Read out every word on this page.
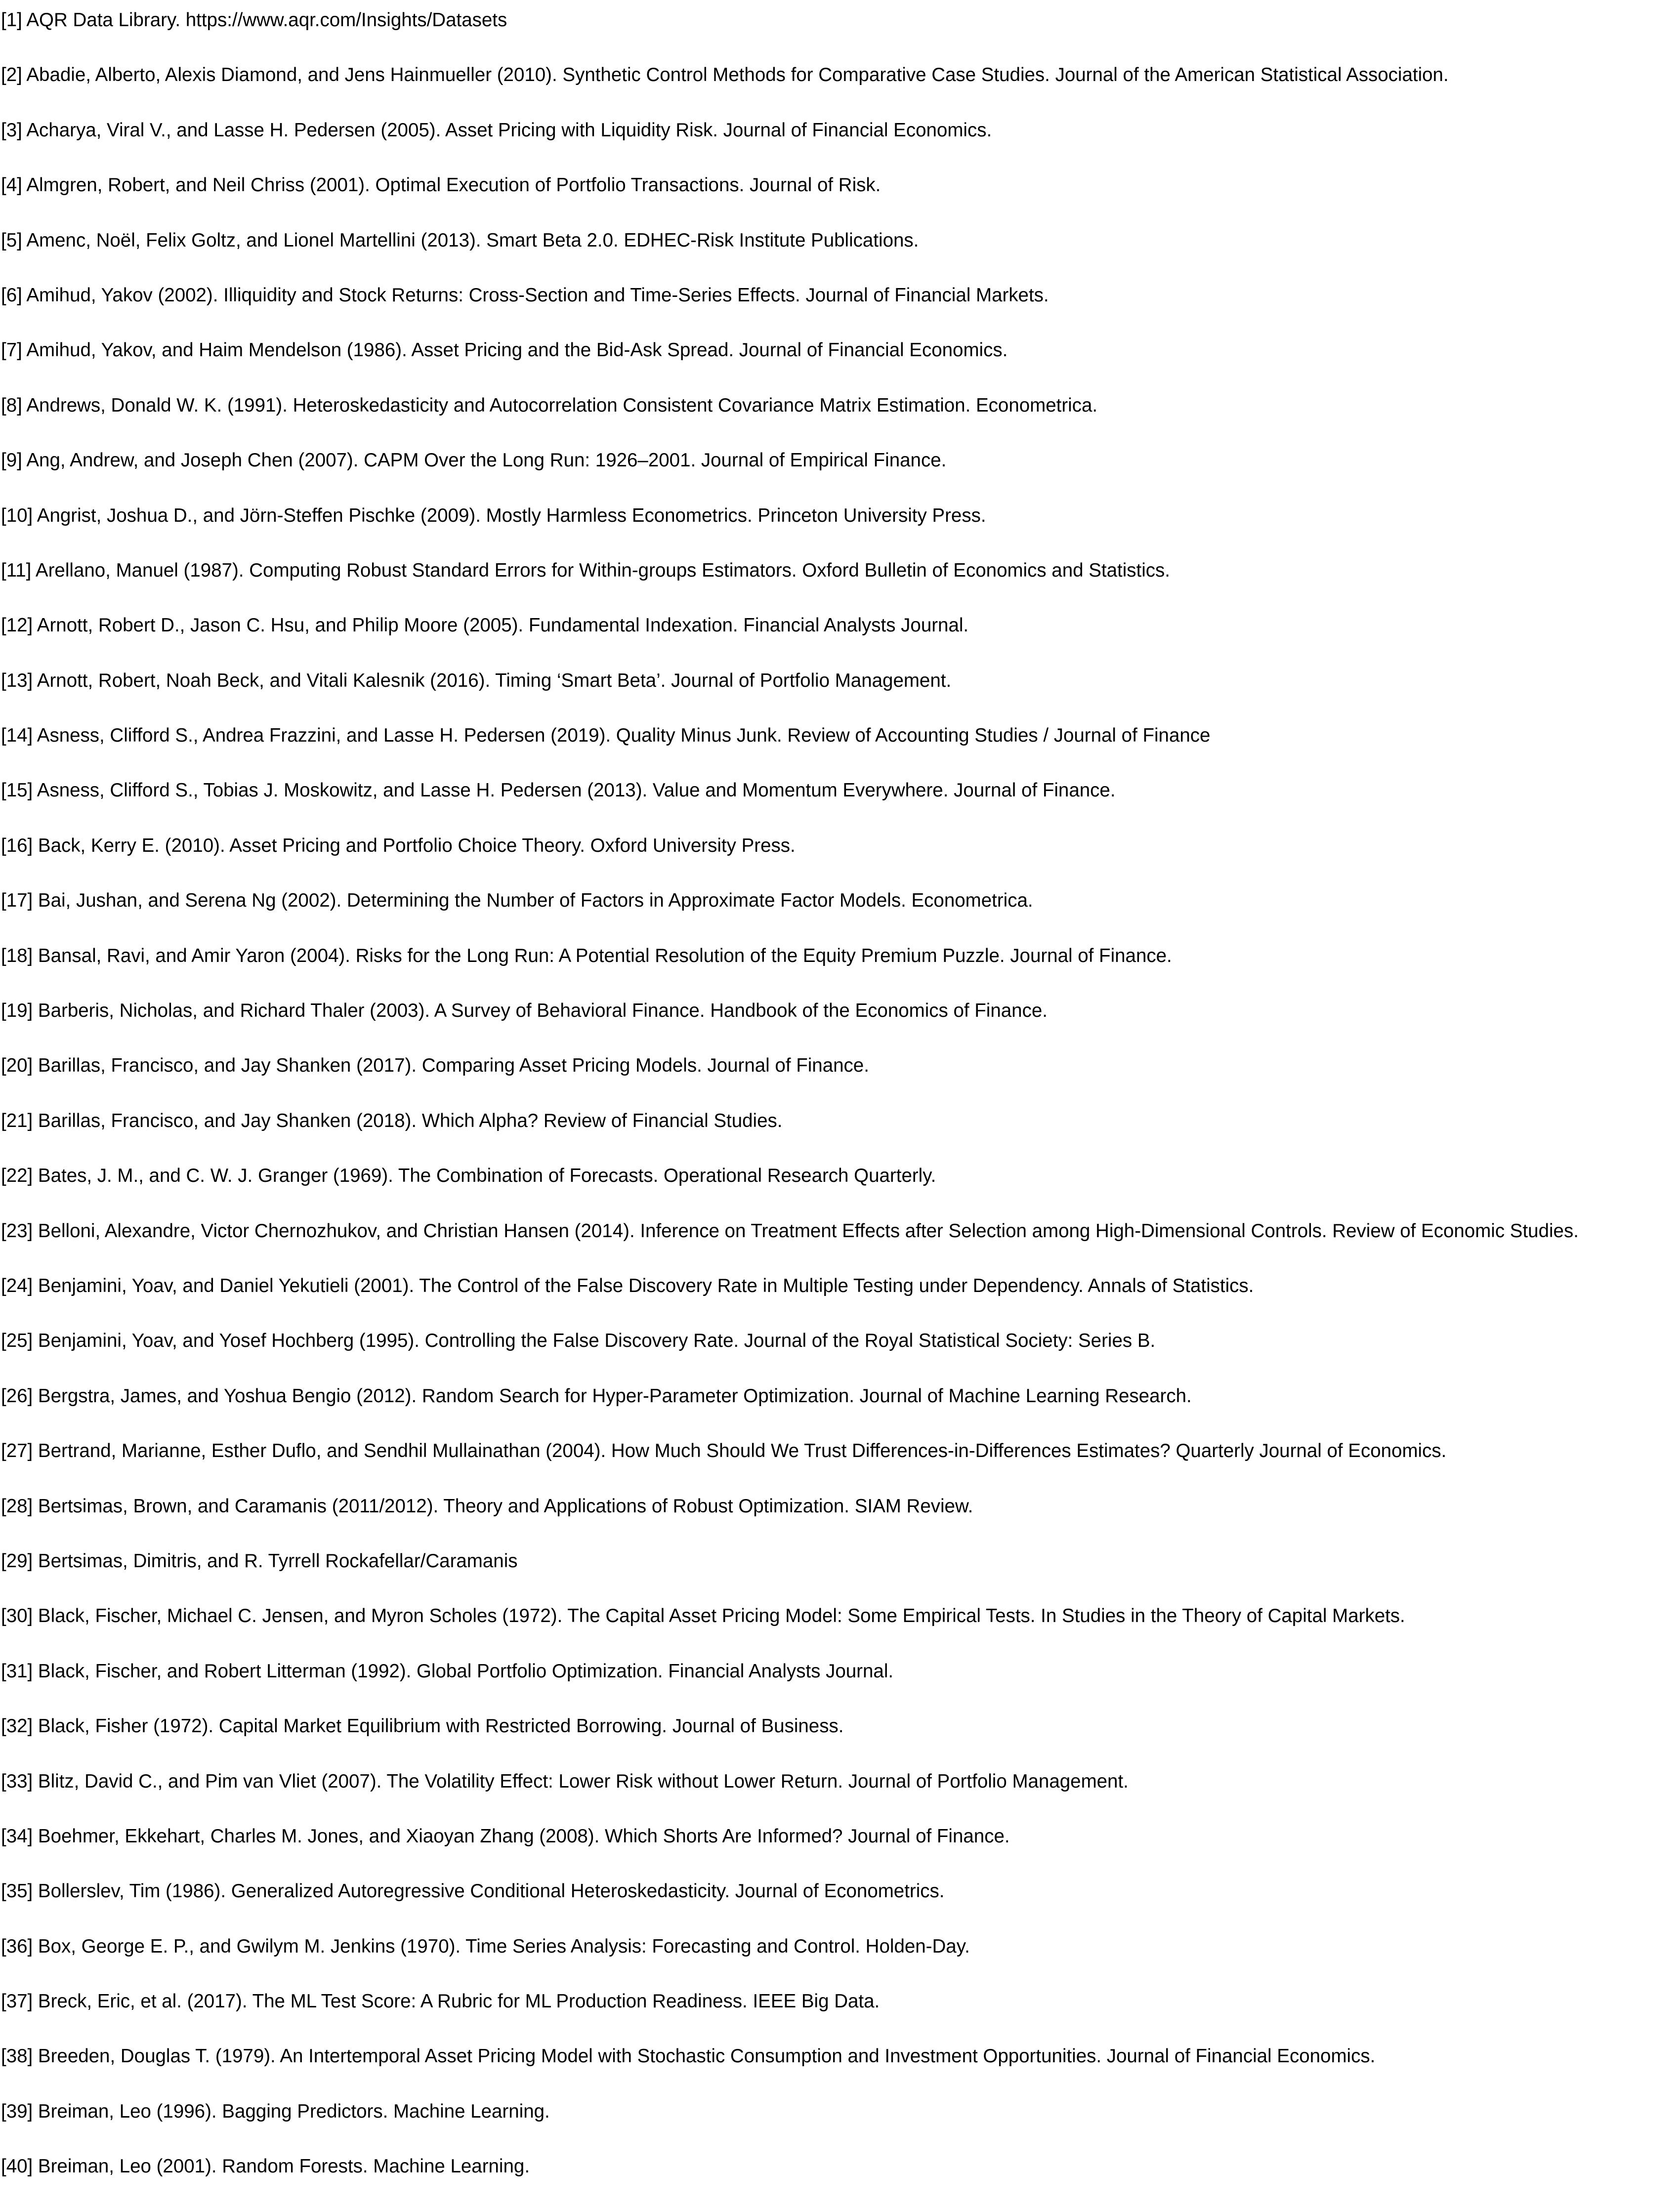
[1] AQR Data Library. https://www.aqr.com/Insights/Datasets
[2] Abadie, Alberto, Alexis Diamond, and Jens Hainmueller (2010). Synthetic Control Methods for Comparative Case Studies. Journal of the American Statistical Association.
[3] Acharya, Viral V., and Lasse H. Pedersen (2005). Asset Pricing with Liquidity Risk. Journal of Financial Economics.
[4] Almgren, Robert, and Neil Chriss (2001). Optimal Execution of Portfolio Transactions. Journal of Risk.
[5] Amenc, Noël, Felix Goltz, and Lionel Martellini (2013). Smart Beta 2.0. EDHEC-Risk Institute Publications.
[6] Amihud, Yakov (2002). Illiquidity and Stock Returns: Cross-Section and Time-Series Effects. Journal of Financial Markets.
[7] Amihud, Yakov, and Haim Mendelson (1986). Asset Pricing and the Bid-Ask Spread. Journal of Financial Economics.
[8] Andrews, Donald W. K. (1991). Heteroskedasticity and Autocorrelation Consistent Covariance Matrix Estimation. Econometrica.
[9] Ang, Andrew, and Joseph Chen (2007). CAPM Over the Long Run: 1926–2001. Journal of Empirical Finance.
[10] Angrist, Joshua D., and Jörn-Steffen Pischke (2009). Mostly Harmless Econometrics. Princeton University Press.
[11] Arellano, Manuel (1987). Computing Robust Standard Errors for Within-groups Estimators. Oxford Bulletin of Economics and Statistics.
[12] Arnott, Robert D., Jason C. Hsu, and Philip Moore (2005). Fundamental Indexation. Financial Analysts Journal.
[13] Arnott, Robert, Noah Beck, and Vitali Kalesnik (2016). Timing ‘Smart Beta’. Journal of Portfolio Management.
[14] Asness, Clifford S., Andrea Frazzini, and Lasse H. Pedersen (2019). Quality Minus Junk. Review of Accounting Studies / Journal of Finance
[15] Asness, Clifford S., Tobias J. Moskowitz, and Lasse H. Pedersen (2013). Value and Momentum Everywhere. Journal of Finance.
[16] Back, Kerry E. (2010). Asset Pricing and Portfolio Choice Theory. Oxford University Press.
[17] Bai, Jushan, and Serena Ng (2002). Determining the Number of Factors in Approximate Factor Models. Econometrica.
[18] Bansal, Ravi, and Amir Yaron (2004). Risks for the Long Run: A Potential Resolution of the Equity Premium Puzzle. Journal of Finance.
[19] Barberis, Nicholas, and Richard Thaler (2003). A Survey of Behavioral Finance. Handbook of the Economics of Finance.
[20] Barillas, Francisco, and Jay Shanken (2017). Comparing Asset Pricing Models. Journal of Finance.
[21] Barillas, Francisco, and Jay Shanken (2018). Which Alpha? Review of Financial Studies.
[22] Bates, J. M., and C. W. J. Granger (1969). The Combination of Forecasts. Operational Research Quarterly.
[23] Belloni, Alexandre, Victor Chernozhukov, and Christian Hansen (2014). Inference on Treatment Effects after Selection among High-Dimensional Controls. Review of Economic Studies.
[24] Benjamini, Yoav, and Daniel Yekutieli (2001). The Control of the False Discovery Rate in Multiple Testing under Dependency. Annals of Statistics.
[25] Benjamini, Yoav, and Yosef Hochberg (1995). Controlling the False Discovery Rate. Journal of the Royal Statistical Society: Series B.
[26] Bergstra, James, and Yoshua Bengio (2012). Random Search for Hyper-Parameter Optimization. Journal of Machine Learning Research.
[27] Bertrand, Marianne, Esther Duflo, and Sendhil Mullainathan (2004). How Much Should We Trust Differences-in-Differences Estimates? Quarterly Journal of Economics.
[28] Bertsimas, Brown, and Caramanis (2011/2012). Theory and Applications of Robust Optimization. SIAM Review.
[29] Bertsimas, Dimitris, and R. Tyrrell Rockafellar/Caramanis
[30] Black, Fischer, Michael C. Jensen, and Myron Scholes (1972). The Capital Asset Pricing Model: Some Empirical Tests. In Studies in the Theory of Capital Markets.
[31] Black, Fischer, and Robert Litterman (1992). Global Portfolio Optimization. Financial Analysts Journal.
[32] Black, Fisher (1972). Capital Market Equilibrium with Restricted Borrowing. Journal of Business.
[33] Blitz, David C., and Pim van Vliet (2007). The Volatility Effect: Lower Risk without Lower Return. Journal of Portfolio Management.
[34] Boehmer, Ekkehart, Charles M. Jones, and Xiaoyan Zhang (2008). Which Shorts Are Informed? Journal of Finance.
[35] Bollerslev, Tim (1986). Generalized Autoregressive Conditional Heteroskedasticity. Journal of Econometrics.
[36] Box, George E. P., and Gwilym M. Jenkins (1970). Time Series Analysis: Forecasting and Control. Holden-Day.
[37] Breck, Eric, et al. (2017). The ML Test Score: A Rubric for ML Production Readiness. IEEE Big Data.
[38] Breeden, Douglas T. (1979). An Intertemporal Asset Pricing Model with Stochastic Consumption and Investment Opportunities. Journal of Financial Economics.
[39] Breiman, Leo (1996). Bagging Predictors. Machine Learning.
[40] Breiman, Leo (2001). Random Forests. Machine Learning.
